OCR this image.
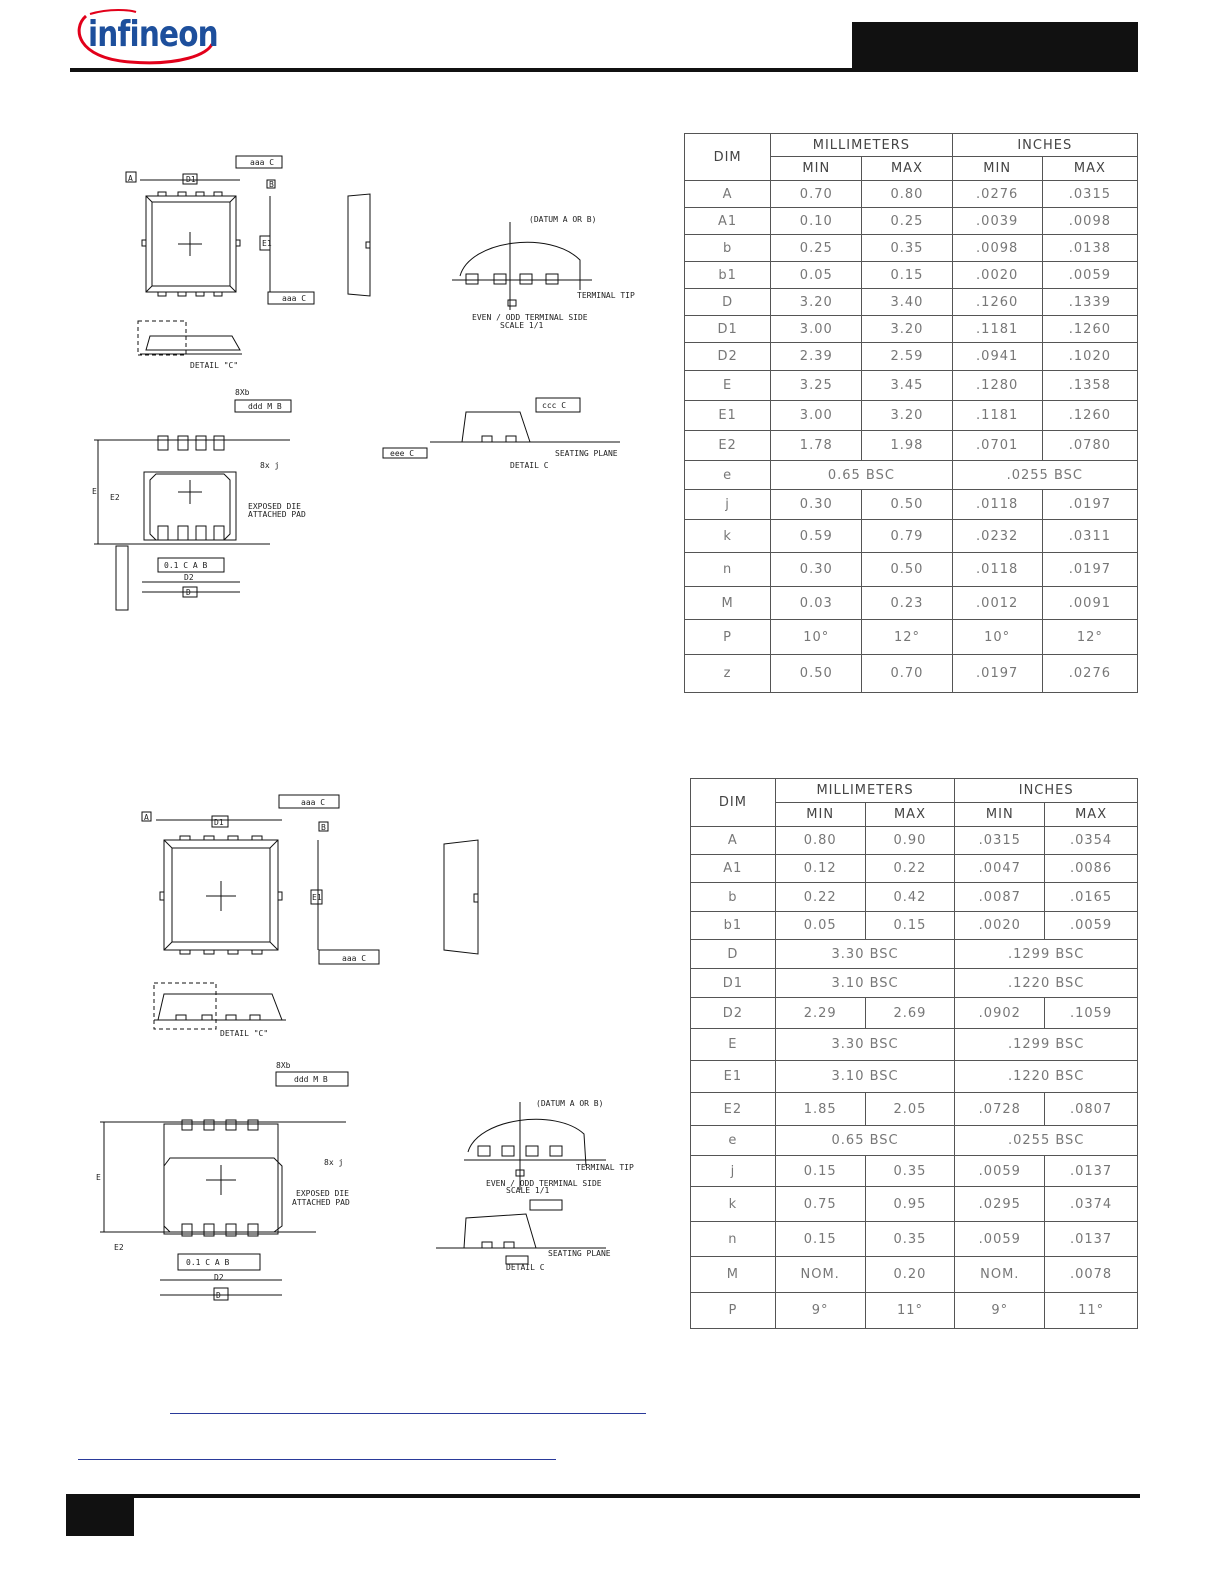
infineon
D1
A
B
E1
aaa C
aaa C
DETAIL "C"
EXPOSED DIE
ATTACHED PAD
D2
D
E
E2
0.1 C A B
ddd M B
8Xb
8x j
(DATUM A OR B)
TERMINAL TIP
EVEN / ODD TERMINAL SIDE
SCALE 1/1
SEATING PLANE
DETAIL C
eee C
ccc C
DIM	MILLIMETERS		INCHES	
	MIN	MAX	MIN	MAX
A	0.70	0.80	.0276	.0315
A1	0.10	0.25	.0039	.0098
b	0.25	0.35	.0098	.0138
b1	0.05	0.15	.0020	.0059
D	3.20	3.40	.1260	.1339
D1	3.00	3.20	.1181	.1260
D2	2.39	2.59	.0941	.1020
E	3.25	3.45	.1280	.1358
E1	3.00	3.20	.1181	.1260
E2	1.78	1.98	.0701	.0780
e	0.65 BSC		.0255 BSC	
j	0.30	0.50	.0118	.0197
k	0.59	0.79	.0232	.0311
n	0.30	0.50	.0118	.0197
M	0.03	0.23	.0012	.0091
P	10°	12°	10°	12°
z	0.50	0.70	.0197	.0276
D1
A
B
E1
aaa C
aaa C
DETAIL "C"
EXPOSED DIE
ATTACHED PAD
D2
D
E
E2
0.1 C A B
ddd M B
8Xb
8x j
(DATUM A OR B)
TERMINAL TIP
EVEN / ODD TERMINAL SIDE
SCALE 1/1
SEATING PLANE
DETAIL C
DIM	MILLIMETERS		INCHES	
	MIN	MAX	MIN	MAX
A	0.80	0.90	.0315	.0354
A1	0.12	0.22	.0047	.0086
b	0.22	0.42	.0087	.0165
b1	0.05	0.15	.0020	.0059
D	3.30 BSC		.1299 BSC	
D1	3.10 BSC		.1220 BSC	
D2	2.29	2.69	.0902	.1059
E	3.30 BSC		.1299 BSC	
E1	3.10 BSC		.1220 BSC	
E2	1.85	2.05	.0728	.0807
e	0.65 BSC		.0255 BSC	
j	0.15	0.35	.0059	.0137
k	0.75	0.95	.0295	.0374
n	0.15	0.35	.0059	.0137
M	NOM.	0.20	NOM.	.0078
P	9°	11°	9°	11°
